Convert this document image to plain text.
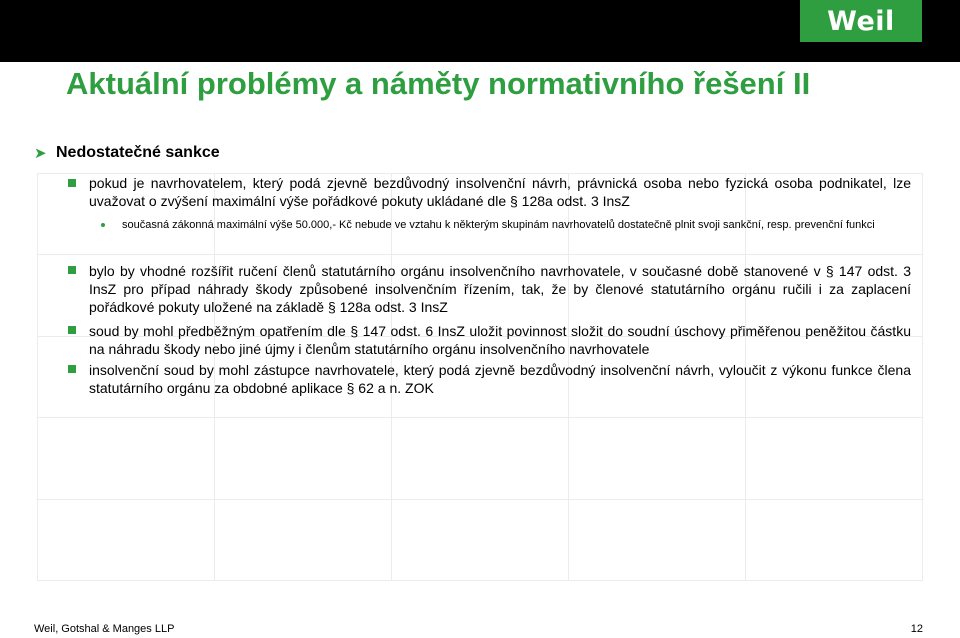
Weil
Aktuální problémy a náměty normativního řešení II
➤ Nedostatečné sankce
pokud je navrhovatelem, který podá zjevně bezdůvodný insolvenční návrh, právnická osoba nebo fyzická osoba podnikatel, lze uvažovat o zvýšení maximální výše pořádkové pokuty ukládané dle § 128a odst. 3 InsZ
současná zákonná maximální výše 50.000,- Kč nebude ve vztahu k některým skupinám navrhovatelů dostatečně plnit svoji sankční, resp. prevenční funkci
bylo by vhodné rozšířit ručení členů statutárního orgánu insolvenčního navrhovatele, v současné době stanovené v § 147 odst. 3 InsZ pro případ náhrady škody způsobené insolvenčním řízením, tak, že by členové statutárního orgánu ručili i za zaplacení pořádkové pokuty uložené na základě § 128a odst. 3 InsZ
soud by mohl předběžným opatřením dle § 147 odst. 6 InsZ uložit povinnost složit do soudní úschovy přiměřenou peněžitou částku na náhradu škody nebo jiné újmy i členům statutárního orgánu insolvenčního navrhovatele
insolvenční soud by mohl zástupce navrhovatele, který podá zjevně bezdůvodný insolvenční návrh, vyloučit z výkonu funkce člena statutárního orgánu za obdobné aplikace § 62 a n. ZOK
Weil, Gotshal & Manges LLP	12
